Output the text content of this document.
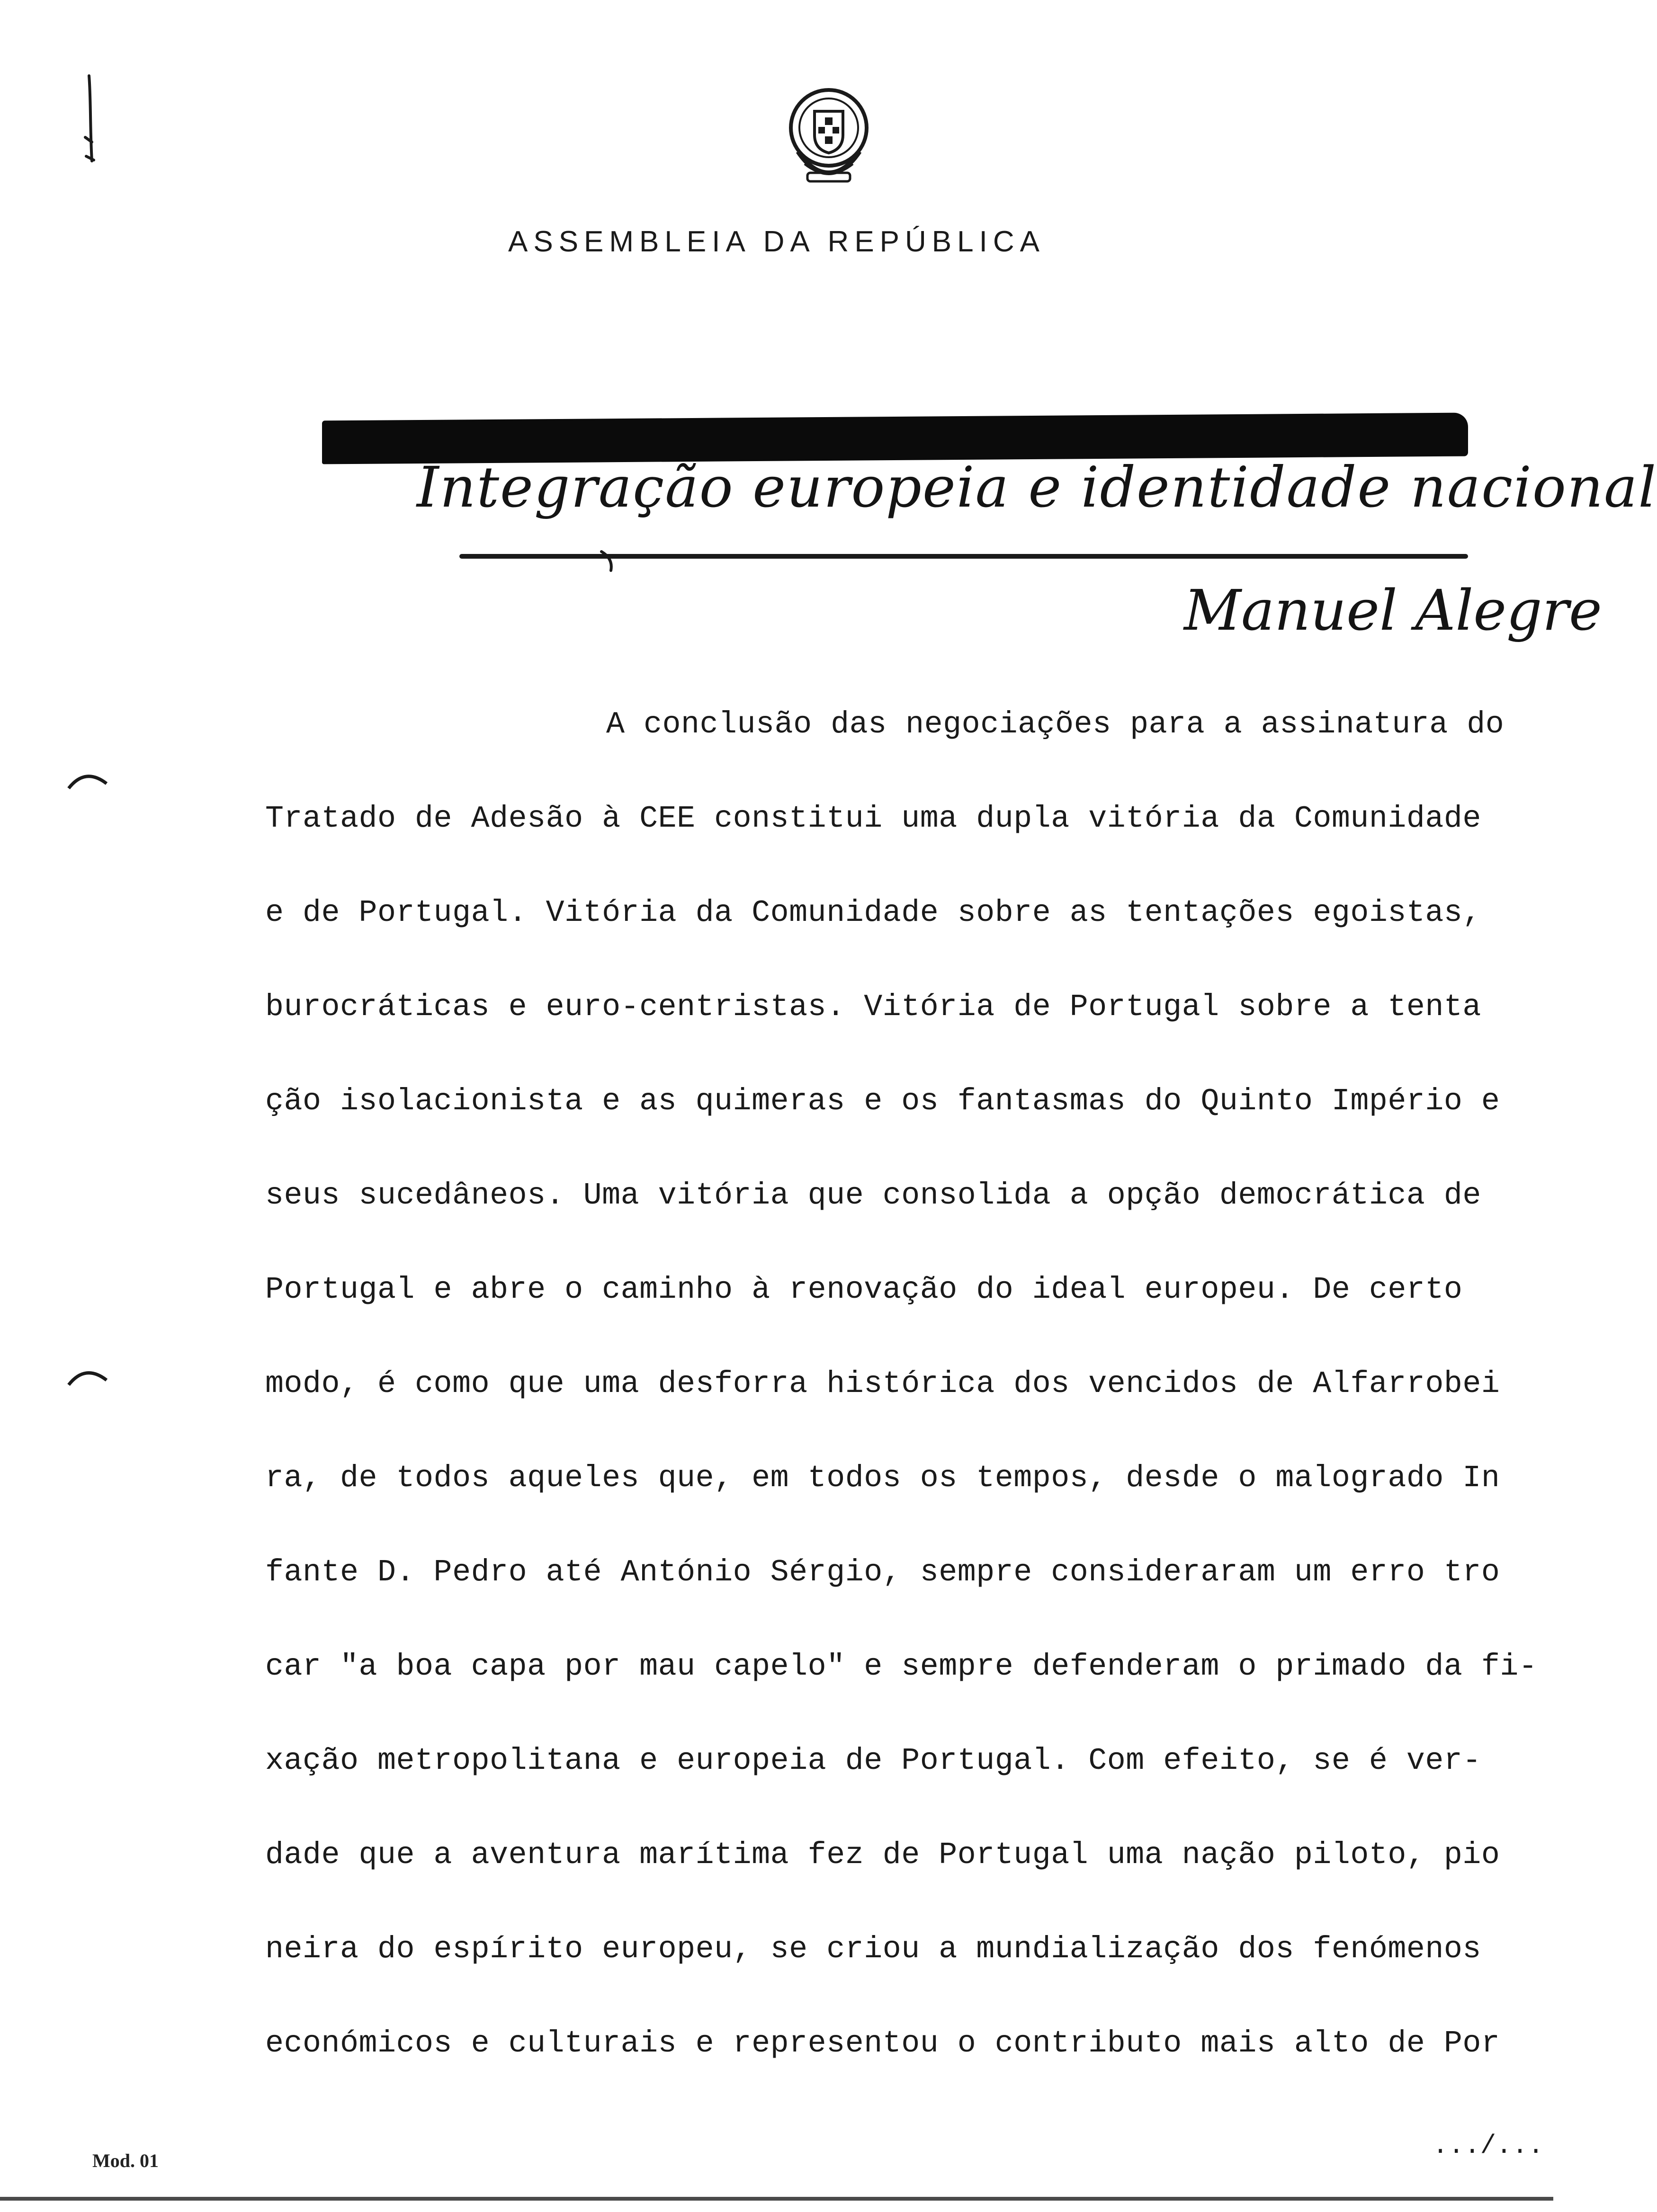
ASSEMBLEIA DA REPÚBLICA
Integração europeia e identidade nacional
Manuel Alegre
A conclusão das negociações para a assinatura do
Tratado de Adesão à CEE constitui uma dupla vitória da Comunidade
e de Portugal. Vitória da Comunidade sobre as tentações egoistas,
burocráticas e euro-centristas. Vitória de Portugal sobre a tenta
ção isolacionista e as quimeras e os fantasmas do Quinto Império e
seus sucedâneos. Uma vitória que consolida a opção democrática de
Portugal e abre o caminho à renovação do ideal europeu. De certo
modo, é como que uma desforra histórica dos vencidos de Alfarrobei
ra, de todos aqueles que, em todos os tempos, desde o malogrado In
fante D. Pedro até António Sérgio, sempre consideraram um erro tro
car "a boa capa por mau capelo" e sempre defenderam o primado da fi-
xação metropolitana e europeia de Portugal. Com efeito, se é ver-
dade que a aventura marítima fez de Portugal uma nação piloto, pio
neira do espírito europeu, se criou a mundialização dos fenómenos
económicos e culturais e representou o contributo mais alto de Por
.../...
Mod. 01
